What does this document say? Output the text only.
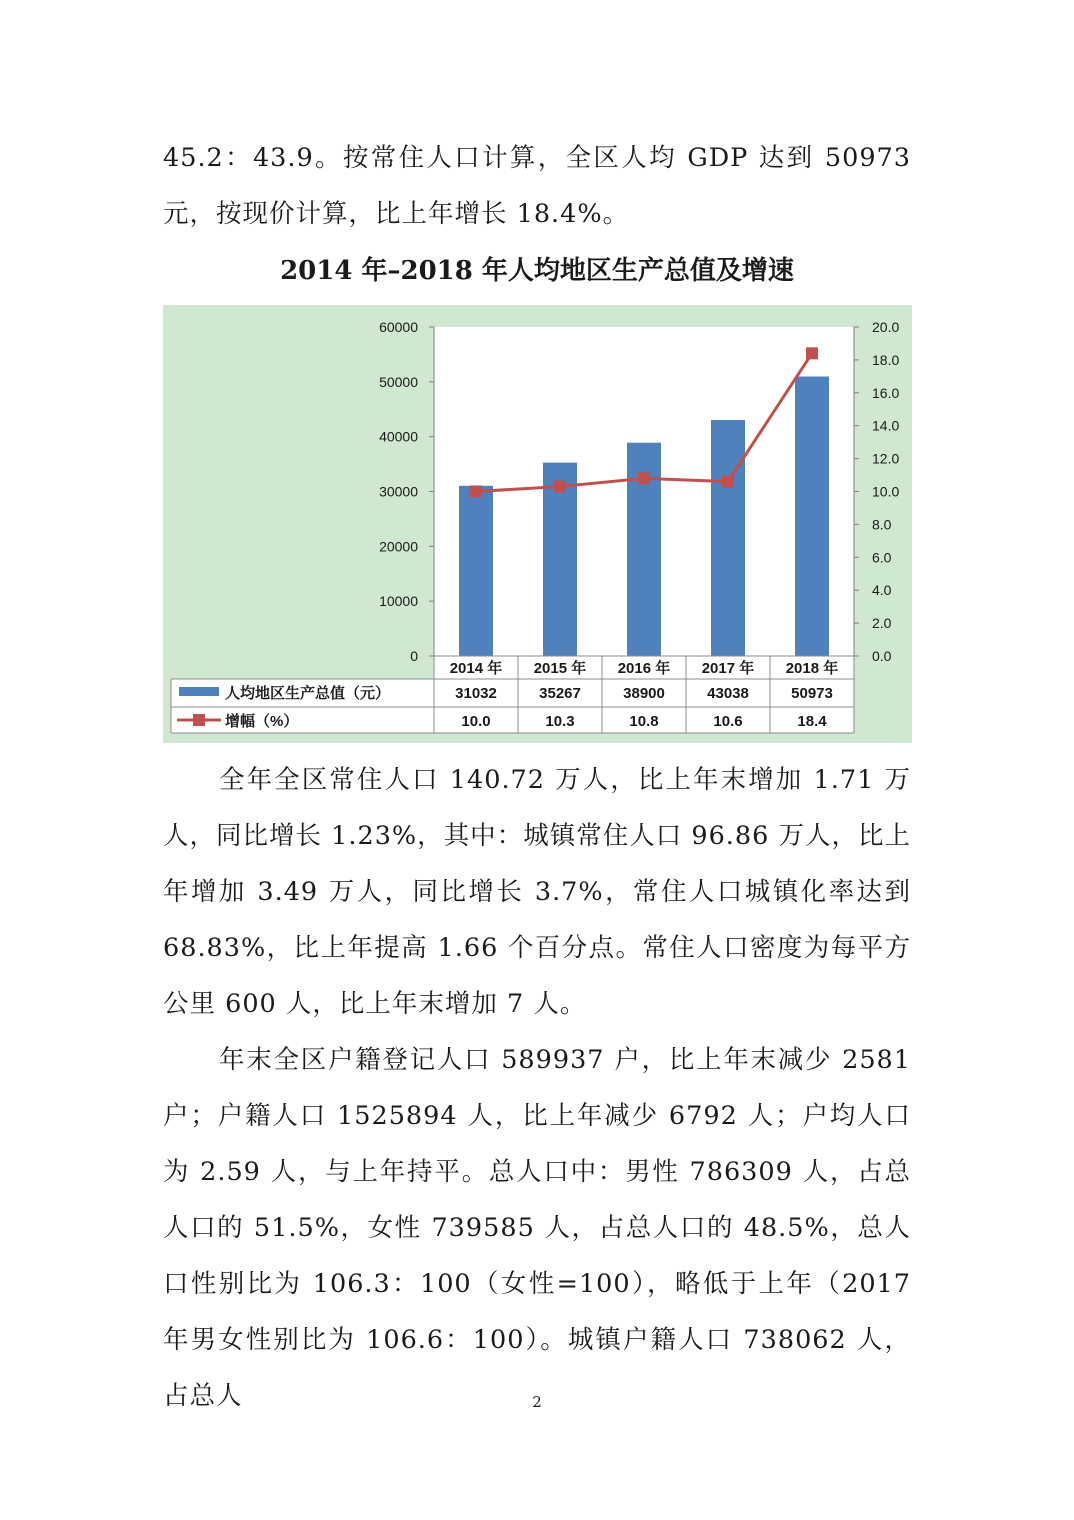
45.2：43.9。按常住人口计算，全区人均 GDP 达到 50973 元，按现价计算，比上年增长 18.4%。

2014 年–2018 年人均地区生产总值及增速

0
10000
20000
30000
40000
50000
60000
0.0
2.0
4.0
6.0
8.0
10.0
12.0
14.0
16.0
18.0
20.0
2014 年 2015 年 2016 年 2017 年 2018 年
人均地区生产总值（元）	31032	35267	38900	43038	50973
增幅（%）	10.0	10.3	10.8	10.6	18.4

全年全区常住人口 140.72 万人，比上年末增加 1.71 万人，同比增长 1.23%，其中：城镇常住人口 96.86 万人，比上年增加 3.49 万人，同比增长 3.7%，常住人口城镇化率达到 68.83%，比上年提高 1.66 个百分点。常住人口密度为每平方公里 600 人，比上年末增加 7 人。

年末全区户籍登记人口 589937 户，比上年末减少 2581 户；户籍人口 1525894 人，比上年减少 6792 人；户均人口为 2.59 人，与上年持平。总人口中：男性 786309 人，占总人口的 51.5%，女性 739585 人，占总人口的 48.5%，总人口性别比为 106.3：100（女性=100），略低于上年（2017 年男女性别比为 106.6：100）。城镇户籍人口 738062 人，占总人	2
